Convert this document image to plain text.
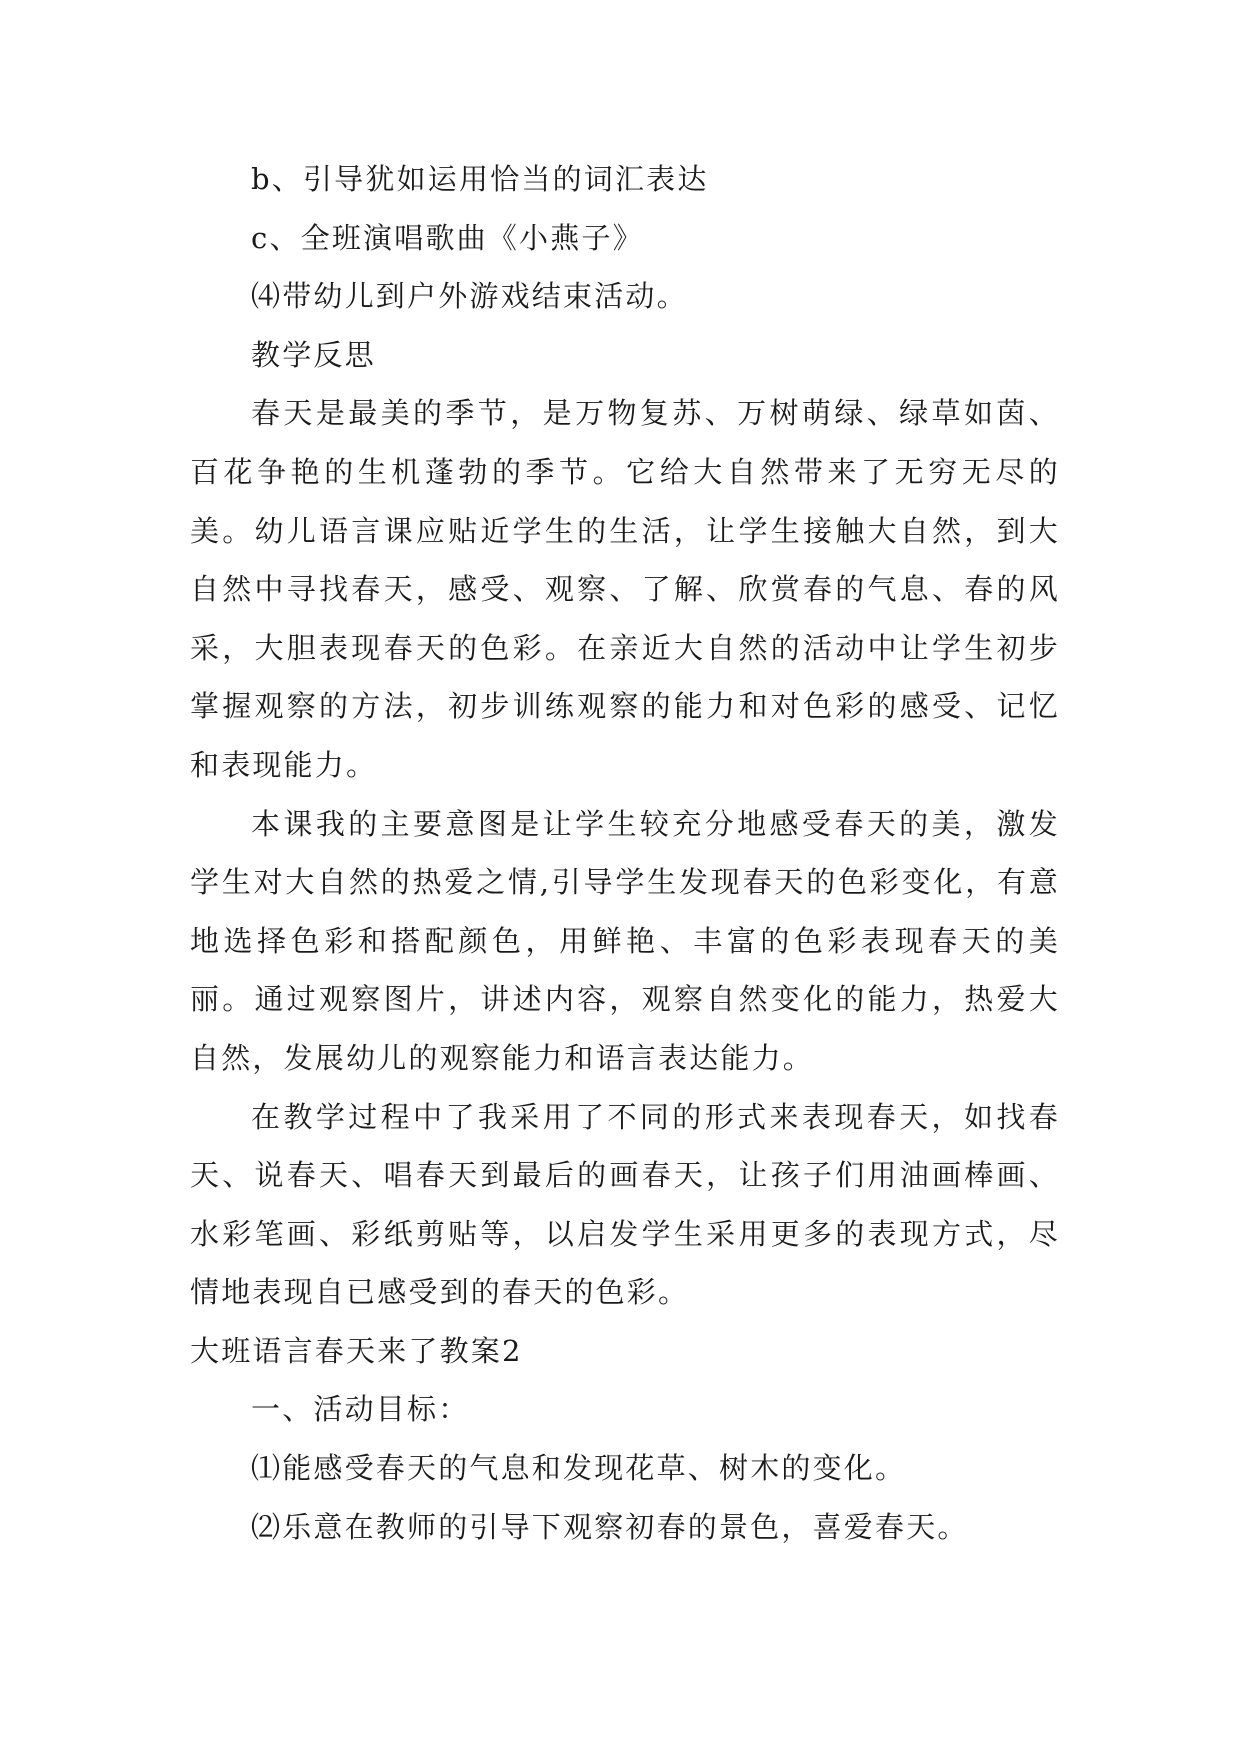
b、引导犹如运用恰当的词汇表达

c、全班演唱歌曲《小燕子》

⑷带幼儿到户外游戏结束活动。

教学反思

春天是最美的季节，是万物复苏、万树萌绿、绿草如茵、百花争艳的生机蓬勃的季节。它给大自然带来了无穷无尽的美。幼儿语言课应贴近学生的生活，让学生接触大自然，到大自然中寻找春天，感受、观察、了解、欣赏春的气息、春的风采，大胆表现春天的色彩。在亲近大自然的活动中让学生初步掌握观察的方法，初步训练观察的能力和对色彩的感受、记忆和表现能力。

本课我的主要意图是让学生较充分地感受春天的美，激发学生对大自然的热爱之情,引导学生发现春天的色彩变化，有意地选择色彩和搭配颜色，用鲜艳、丰富的色彩表现春天的美丽。通过观察图片，讲述内容，观察自然变化的能力，热爱大自然，发展幼儿的观察能力和语言表达能力。

在教学过程中了我采用了不同的形式来表现春天，如找春天、说春天、唱春天到最后的画春天，让孩子们用油画棒画、水彩笔画、彩纸剪贴等，以启发学生采用更多的表现方式，尽情地表现自已感受到的春天的色彩。

大班语言春天来了教案2

一、活动目标：

⑴能感受春天的气息和发现花草、树木的变化。

⑵乐意在教师的引导下观察初春的景色，喜爱春天。
